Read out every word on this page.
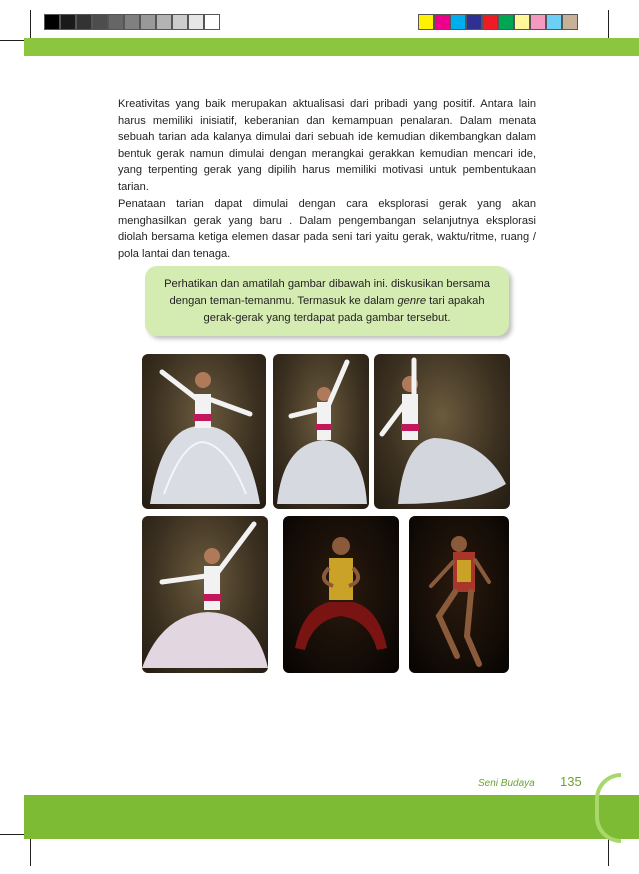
Kreativitas yang baik merupakan aktualisasi dari pribadi yang positif. Antara lain harus memiliki inisiatif, keberanian dan kemampuan penalaran. Dalam menata sebuah tarian ada kalanya dimulai dari sebuah ide kemudian dikembangkan dalam bentuk gerak namun dimulai dengan merangkai gerakkan kemudian mencari ide, yang terpenting gerak yang dipilih harus memiliki motivasi untuk pembentukaan tarian.

Penataan tarian dapat dimulai dengan cara eksplorasi gerak yang akan menghasilkan gerak yang baru . Dalam pengembangan selanjutnya eksplorasi diolah bersama ketiga elemen dasar pada seni tari yaitu gerak, waktu/ritme, ruang / pola lantai dan tenaga.

Perhatikan dan amatilah gambar dibawah ini. diskusikan bersama dengan teman-temanmu. Termasuk ke dalam genre tari apakah gerak-gerak yang terdapat pada gambar tersebut.
Seni Budaya 135
